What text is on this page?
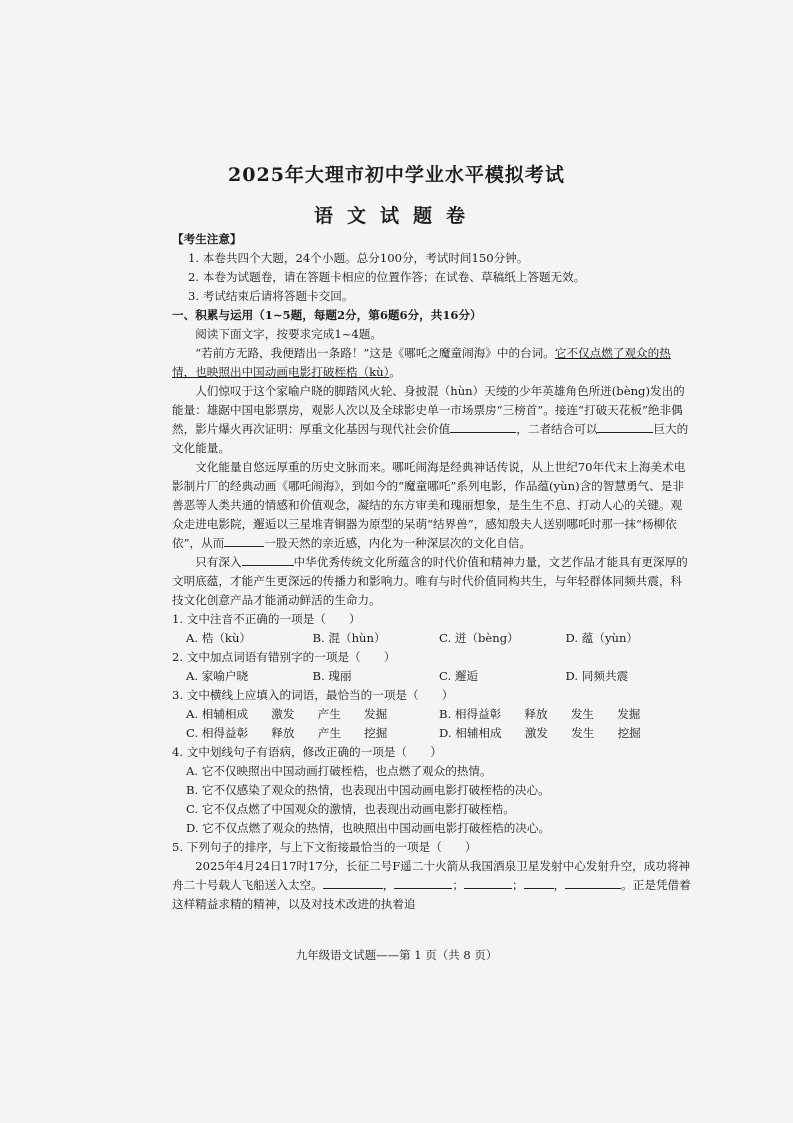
2025年大理市初中学业水平模拟考试
语文试题卷

【考生注意】

1. 本卷共四个大题，24个小题。总分100分，考试时间150分钟。

2. 本卷为试题卷，请在答题卡相应的位置作答；在试卷、草稿纸上答题无效。

3. 考试结束后请将答题卡交回。

一、积累与运用（1~5题，每题2分，第6题6分，共16分）

阅读下面文字，按要求完成1~4题。

“若前方无路，我便踏出一条路！”这是《哪吒之魔童闹海》中的台词。它不仅点燃了观众的热情，也映照出中国动画电影打破桎梏（kù）。

人们惊叹于这个家喻户晓的脚踏风火轮、身披混（hùn）天绫的少年英雄角色所迸(bèng)发出的能量：雄踞中国电影票房，观影人次以及全球影史单一市场票房“三榜首”。接连“打破天花板”绝非偶然，影片爆火再次证明：厚重文化基因与现代社会价值	，二者结合可以	巨大的文化能量。

文化能量自悠远厚重的历史文脉而来。哪吒闹海是经典神话传说，从上世纪70年代末上海美术电影制片厂的经典动画《哪吒闹海》，到如今的“魔童哪吒”系列电影，作品蕴(yùn)含的智慧勇气、是非善恶等人类共通的情感和价值观念，凝结的东方审美和瑰丽想象，是生生不息、打动人心的关键。观众走进电影院，邂逅以三星堆青铜器为原型的呆萌“结界兽”，感知殷夫人送别哪吒时那一抹“杨柳依依”，从而	一股天然的亲近感，内化为一种深层次的文化自信。

只有深入	中华优秀传统文化所蕴含的时代价值和精神力量，文艺作品才能具有更深厚的文明底蕴，才能产生更深远的传播力和影响力。唯有与时代价值同构共生，与年轻群体同频共震，科技文化创意产品才能涌动鲜活的生命力。

1. 文中注音不正确的一项是（　　）

A. 梏（kù）	B. 混（hùn）	C. 迸（bèng）	D. 蕴（yùn）

2. 文中加点词语有错别字的一项是（　　）

A. 家喻户晓	B. 瑰丽	C. 邂逅	D. 同频共震

3. 文中横线上应填入的词语，最恰当的一项是（　　）

A. 相辅相成　　激发　　产生　　发掘	B. 相得益彰　　释放　　发生　　发掘
C. 相得益彰　　释放　　产生　　挖掘	D. 相辅相成　　激发　　发生　　挖掘

4. 文中划线句子有语病，修改正确的一项是（　　）

A. 它不仅映照出中国动画打破桎梏，也点燃了观众的热情。

B. 它不仅感染了观众的热情，也表现出中国动画电影打破桎梏的决心。

C. 它不仅点燃了中国观众的激情，也表现出动画电影打破桎梏。

D. 它不仅点燃了观众的热情，也映照出中国动画电影打破桎梏的决心。

5. 下列句子的排序，与上下文衔接最恰当的一项是（　　）

2025年4月24日17时17分，长征二号F遥二十火箭从我国酒泉卫星发射中心发射升空，成功将神舟二十号载人飞船送入太空。	，	；	；	，	。正是凭借着这样精益求精的精神，以及对技术改进的执着追

九年级语文试题——第 1 页（共 8 页）
